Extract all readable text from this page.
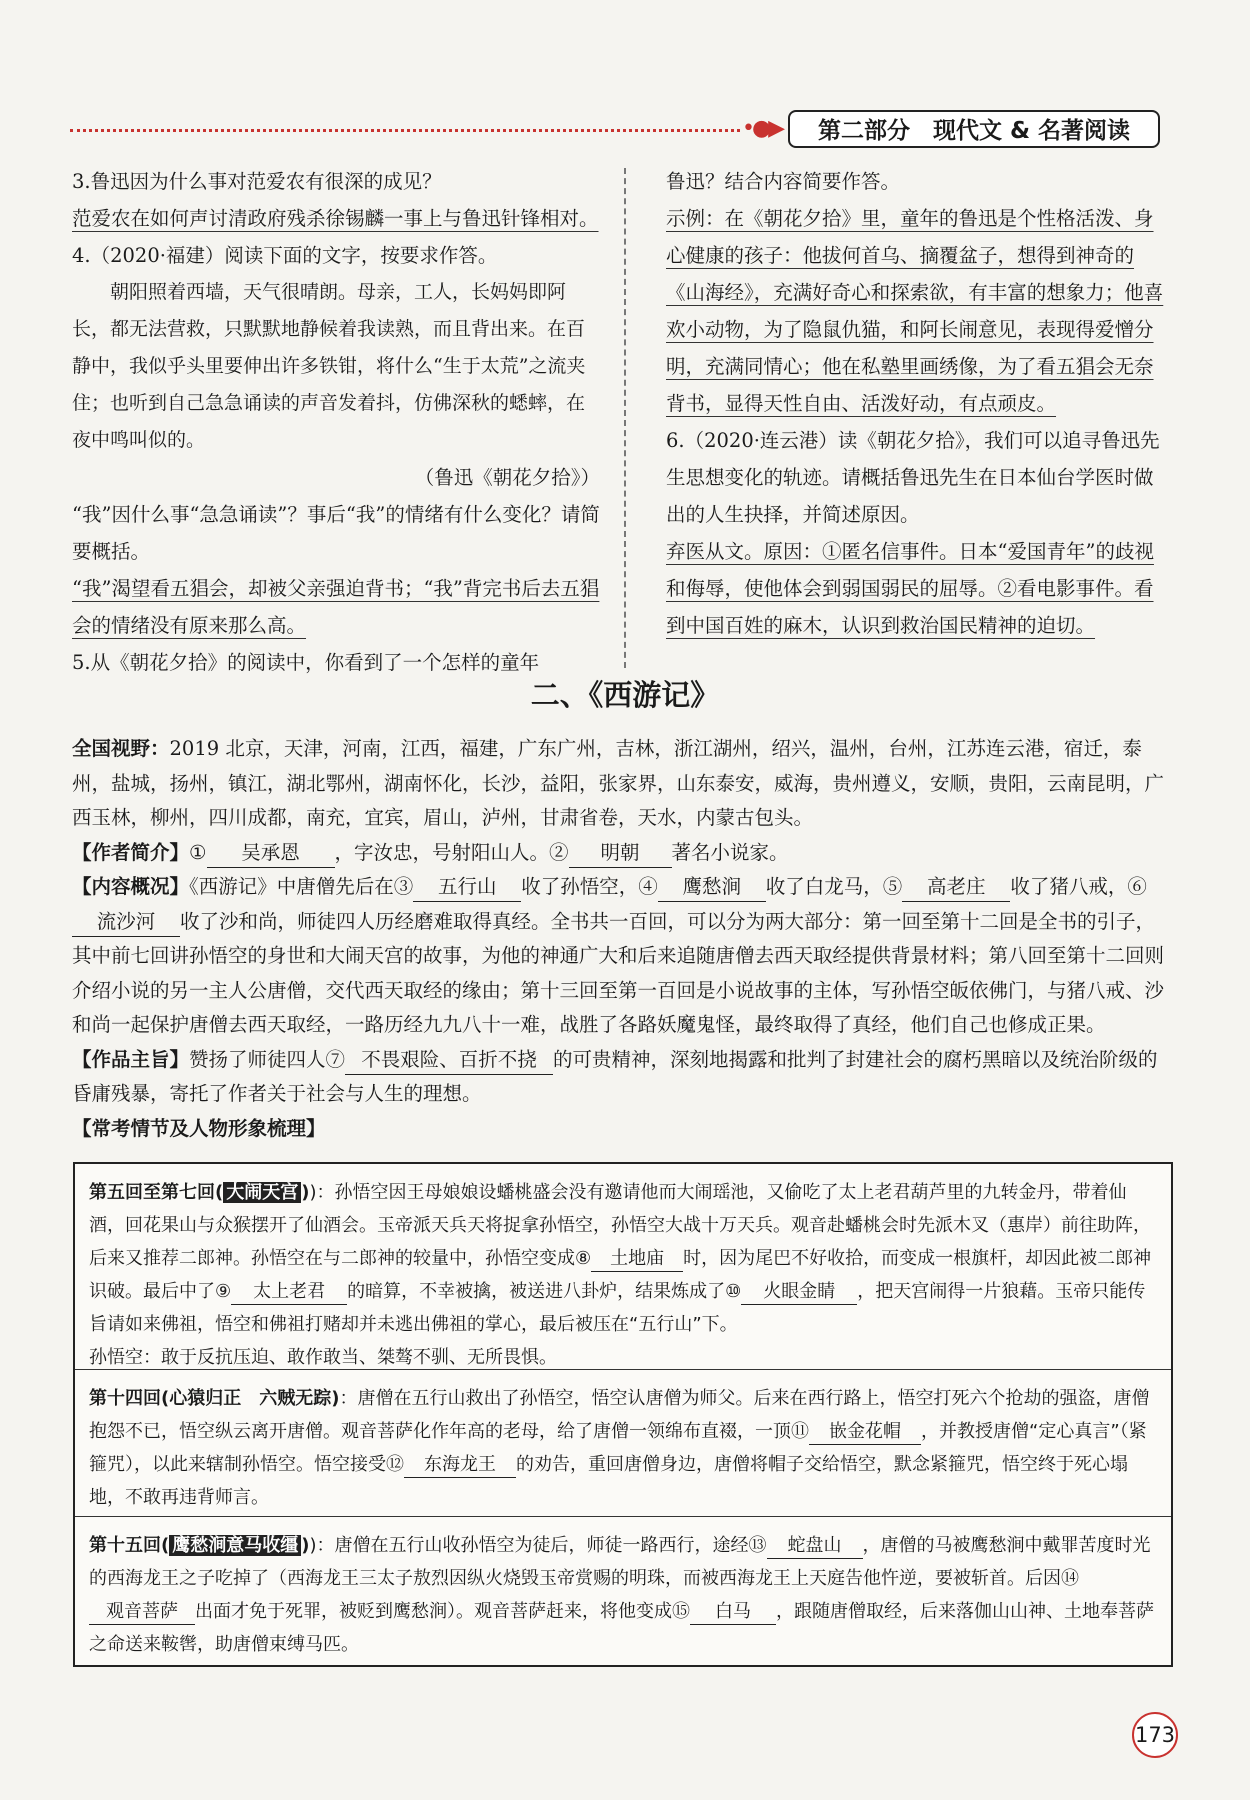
•●▶	第二部分　现代文 & 名著阅读

3.鲁迅因为什么事对范爱农有很深的成见？

范爱农在如何声讨清政府残杀徐锡麟一事上与鲁迅针锋相对。

4.（2020·福建）阅读下面的文字，按要求作答。

朝阳照着西墙，天气很晴朗。母亲，工人，长妈妈即阿长，都无法营救，只默默地静候着我读熟，而且背出来。在百静中，我似乎头里要伸出许多铁钳，将什么“生于太荒”之流夹住；也听到自己急急诵读的声音发着抖，仿佛深秋的蟋蟀，在夜中鸣叫似的。

（鲁迅《朝花夕拾》）

“我”因什么事“急急诵读”？事后“我”的情绪有什么变化？请简要概括。

“我”渴望看五猖会，却被父亲强迫背书；“我”背完书后去五猖会的情绪没有原来那么高。

5.从《朝花夕拾》的阅读中，你看到了一个怎样的童年

鲁迅？结合内容简要作答。

示例：在《朝花夕拾》里，童年的鲁迅是个性格活泼、身心健康的孩子：他拔何首乌、摘覆盆子，想得到神奇的《山海经》，充满好奇心和探索欲，有丰富的想象力；他喜欢小动物，为了隐鼠仇猫，和阿长闹意见，表现得爱憎分明，充满同情心；他在私塾里画绣像，为了看五猖会无奈背书，显得天性自由、活泼好动，有点顽皮。

6.（2020·连云港）读《朝花夕拾》，我们可以追寻鲁迅先生思想变化的轨迹。请概括鲁迅先生在日本仙台学医时做出的人生抉择，并简述原因。

弃医从文。原因：①匿名信事件。日本“爱国青年”的歧视和侮辱，使他体会到弱国弱民的屈辱。②看电影事件。看到中国百姓的麻木，认识到救治国民精神的迫切。

二、《西游记》

全国视野：2019 北京，天津，河南，江西，福建，广东广州，吉林，浙江湖州，绍兴，温州，台州，江苏连云港，宿迁，泰州，盐城，扬州，镇江，湖北鄂州，湖南怀化，长沙，益阳，张家界，山东泰安，威海，贵州遵义，安顺，贵阳，云南昆明，广西玉林，柳州，四川成都，南充，宜宾，眉山，泸州，甘肃省卷，天水，内蒙古包头。

【作者简介】① 吴承恩 ，字汝忠，号射阳山人。② 明朝 著名小说家。

【内容概况】《西游记》中唐僧先后在③ 五行山 收了孙悟空，④ 鹰愁涧 收了白龙马，⑤ 高老庄 收了猪八戒，⑥流沙河 收了沙和尚，师徒四人历经磨难取得真经。全书共一百回，可以分为两大部分：第一回至第十二回是全书的引子，其中前七回讲孙悟空的身世和大闹天宫的故事，为他的神通广大和后来追随唐僧去西天取经提供背景材料；第八回至第十二回则介绍小说的另一主人公唐僧，交代西天取经的缘由；第十三回至第一百回是小说故事的主体，写孙悟空皈依佛门，与猪八戒、沙和尚一起保护唐僧去西天取经，一路历经九九八十一难，战胜了各路妖魔鬼怪，最终取得了真经，他们自己也修成正果。

【作品主旨】赞扬了师徒四人⑦ 不畏艰险、百折不挠 的可贵精神，深刻地揭露和批判了封建社会的腐朽黑暗以及统治阶级的昏庸残暴，寄托了作者关于社会与人生的理想。

【常考情节及人物形象梳理】

第五回至第七回( 大闹天宫 ))：孙悟空因王母娘娘设蟠桃盛会没有邀请他而大闹瑶池，又偷吃了太上老君葫芦里的九转金丹，带着仙酒，回花果山与众猴摆开了仙酒会。玉帝派天兵天将捉拿孙悟空，孙悟空大战十万天兵。观音赴蟠桃会时先派木叉（惠岸）前往助阵，后来又推荐二郎神。孙悟空在与二郎神的较量中，孙悟空变成⑧ 土地庙 时，因为尾巴不好收拾，而变成一根旗杆，却因此被二郎神识破。最后中了⑨ 太上老君 的暗算，不幸被擒，被送进八卦炉，结果炼成了⑩ 火眼金睛 ，把天宫闹得一片狼藉。玉帝只能传旨请如来佛祖，悟空和佛祖打赌却并未逃出佛祖的掌心，最后被压在“五行山”下。

孙悟空：敢于反抗压迫、敢作敢当、桀骜不驯、无所畏惧。

第十四回(心猿归正　六贼无踪)：唐僧在五行山救出了孙悟空，悟空认唐僧为师父。后来在西行路上，悟空打死六个抢劫的强盗，唐僧抱怨不已，悟空纵云离开唐僧。观音菩萨化作年高的老母，给了唐僧一领绵布直裰，一顶⑪ 嵌金花帽 ，并教授唐僧“定心真言”（紧箍咒），以此来辖制孙悟空。悟空接受⑫ 东海龙王 的劝告，重回唐僧身边，唐僧将帽子交给悟空，默念紧箍咒，悟空终于死心塌地，不敢再违背师言。

第十五回( 鹰愁涧意马收缰 ))：唐僧在五行山收孙悟空为徒后，师徒一路西行，途经⑬ 蛇盘山 ，唐僧的马被鹰愁涧中戴罪苦度时光的西海龙王之子吃掉了（西海龙王三太子敖烈因纵火烧毁玉帝赏赐的明珠，而被西海龙王上天庭告他忤逆，要被斩首。后因⑭观音菩萨 出面才免于死罪，被贬到鹰愁涧）。观音菩萨赶来，将他变成⑮ 白马 ，跟随唐僧取经，后来落伽山山神、土地奉菩萨之命送来鞍辔，助唐僧束缚马匹。

173
